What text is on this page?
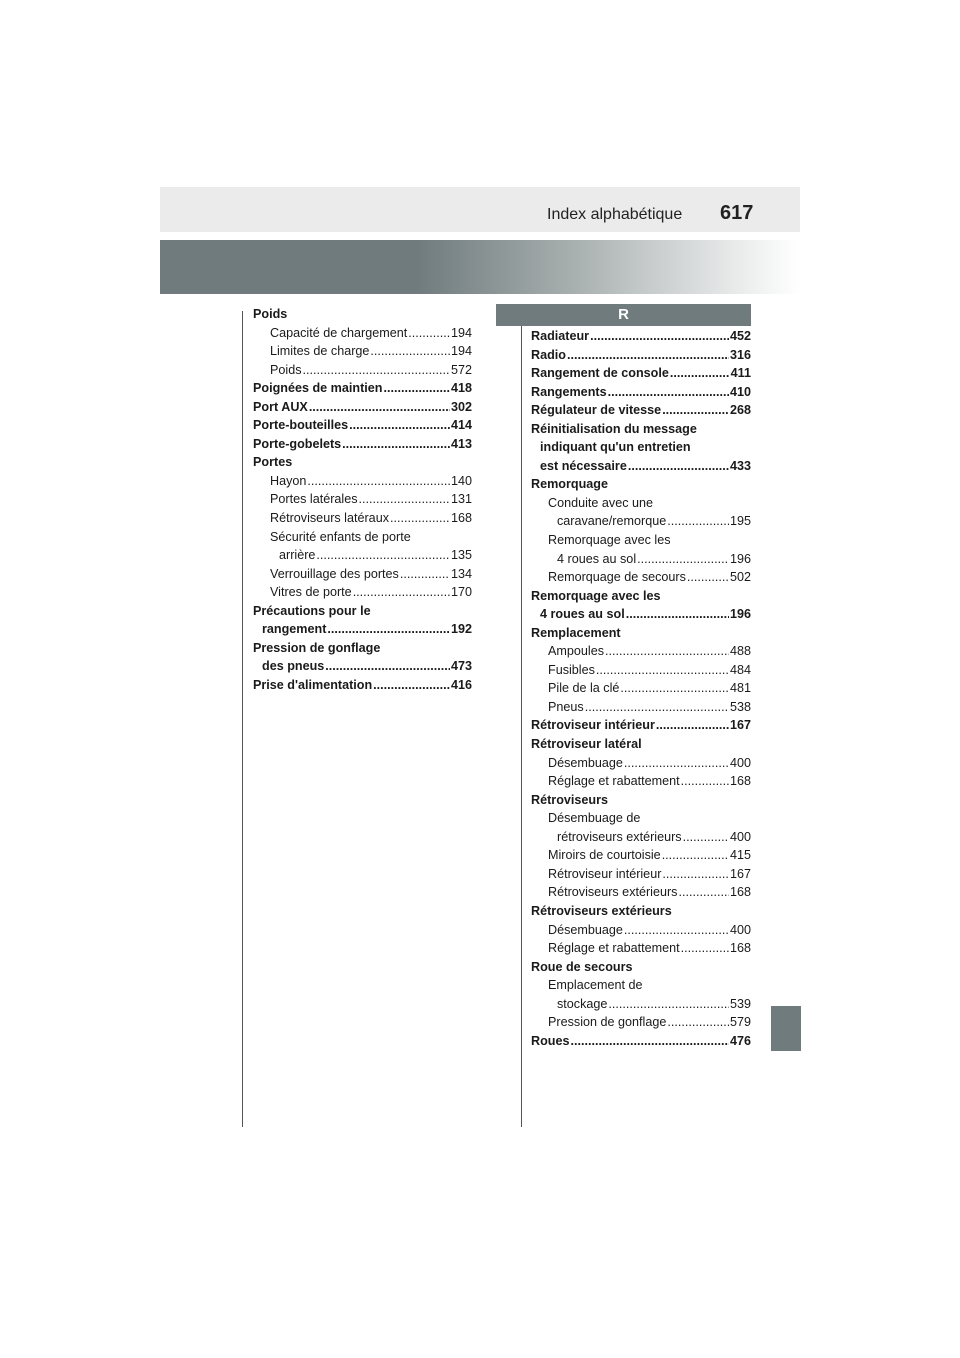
Index alphabétique 617
R
Poids
Capacité de chargement .....	194
Limites de charge .....	194
Poids .....	572
Poignées de maintien .....	418
Port AUX .....	302
Porte-bouteilles .....	414
Porte-gobelets .....	413
Portes
Hayon .....	140
Portes latérales .....	131
Rétroviseurs latéraux .....	168
Sécurité enfants de porte
arrière .....	135
Verrouillage des portes .....	134
Vitres de porte .....	170
Précautions pour le
rangement .....	192
Pression de gonflage
des pneus .....	473
Prise d'alimentation .....	416
Radiateur .....	452
Radio .....	316
Rangement de console .....	411
Rangements .....	410
Régulateur de vitesse .....	268
Réinitialisation du message
indiquant qu'un entretien
est nécessaire .....	433
Remorquage
Conduite avec une
caravane/remorque .....	195
Remorquage avec les
4 roues au sol .....	196
Remorquage de secours .....	502
Remorquage avec les
4 roues au sol .....	196
Remplacement
Ampoules .....	488
Fusibles .....	484
Pile de la clé .....	481
Pneus .....	538
Rétroviseur intérieur .....	167
Rétroviseur latéral
Désembuage .....	400
Réglage et rabattement .....	168
Rétroviseurs
Désembuage de
rétroviseurs extérieurs .....	400
Miroirs de courtoisie .....	415
Rétroviseur intérieur .....	167
Rétroviseurs extérieurs .....	168
Rétroviseurs extérieurs
Désembuage .....	400
Réglage et rabattement .....	168
Roue de secours
Emplacement de
stockage .....	539
Pression de gonflage .....	579
Roues .....	476
